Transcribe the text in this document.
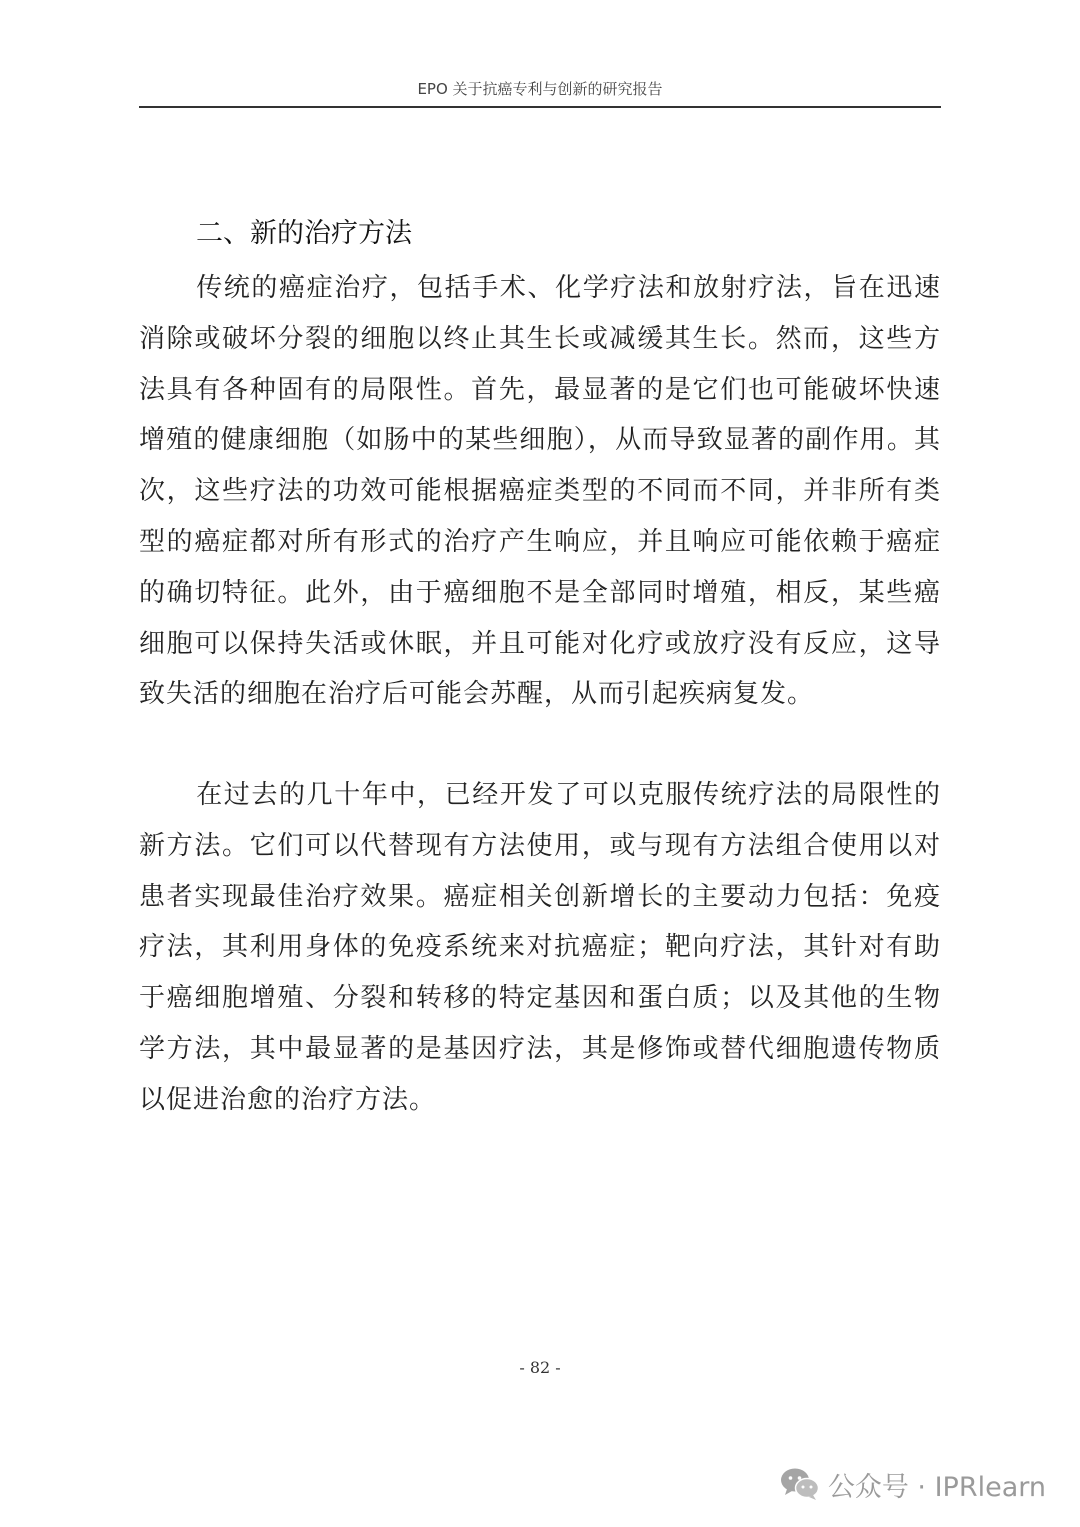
EPO 关于抗癌专利与创新的研究报告
二、新的治疗方法

传统的癌症治疗，包括手术、化学疗法和放射疗法，旨在迅速消除或破坏分裂的细胞以终止其生长或减缓其生长。然而，这些方法具有各种固有的局限性。首先，最显著的是它们也可能破坏快速增殖的健康细胞（如肠中的某些细胞），从而导致显著的副作用。其次，这些疗法的功效可能根据癌症类型的不同而不同，并非所有类型的癌症都对所有形式的治疗产生响应，并且响应可能依赖于癌症的确切特征。此外，由于癌细胞不是全部同时增殖，相反，某些癌细胞可以保持失活或休眠，并且可能对化疗或放疗没有反应，这导致失活的细胞在治疗后可能会苏醒，从而引起疾病复发。

在过去的几十年中，已经开发了可以克服传统疗法的局限性的新方法。它们可以代替现有方法使用，或与现有方法组合使用以对患者实现最佳治疗效果。癌症相关创新增长的主要动力包括：免疫疗法，其利用身体的免疫系统来对抗癌症；靶向疗法，其针对有助于癌细胞增殖、分裂和转移的特定基因和蛋白质；以及其他的生物学方法，其中最显著的是基因疗法，其是修饰或替代细胞遗传物质以促进治愈的治疗方法。

- 82 -
公众号 · IPRlearn
